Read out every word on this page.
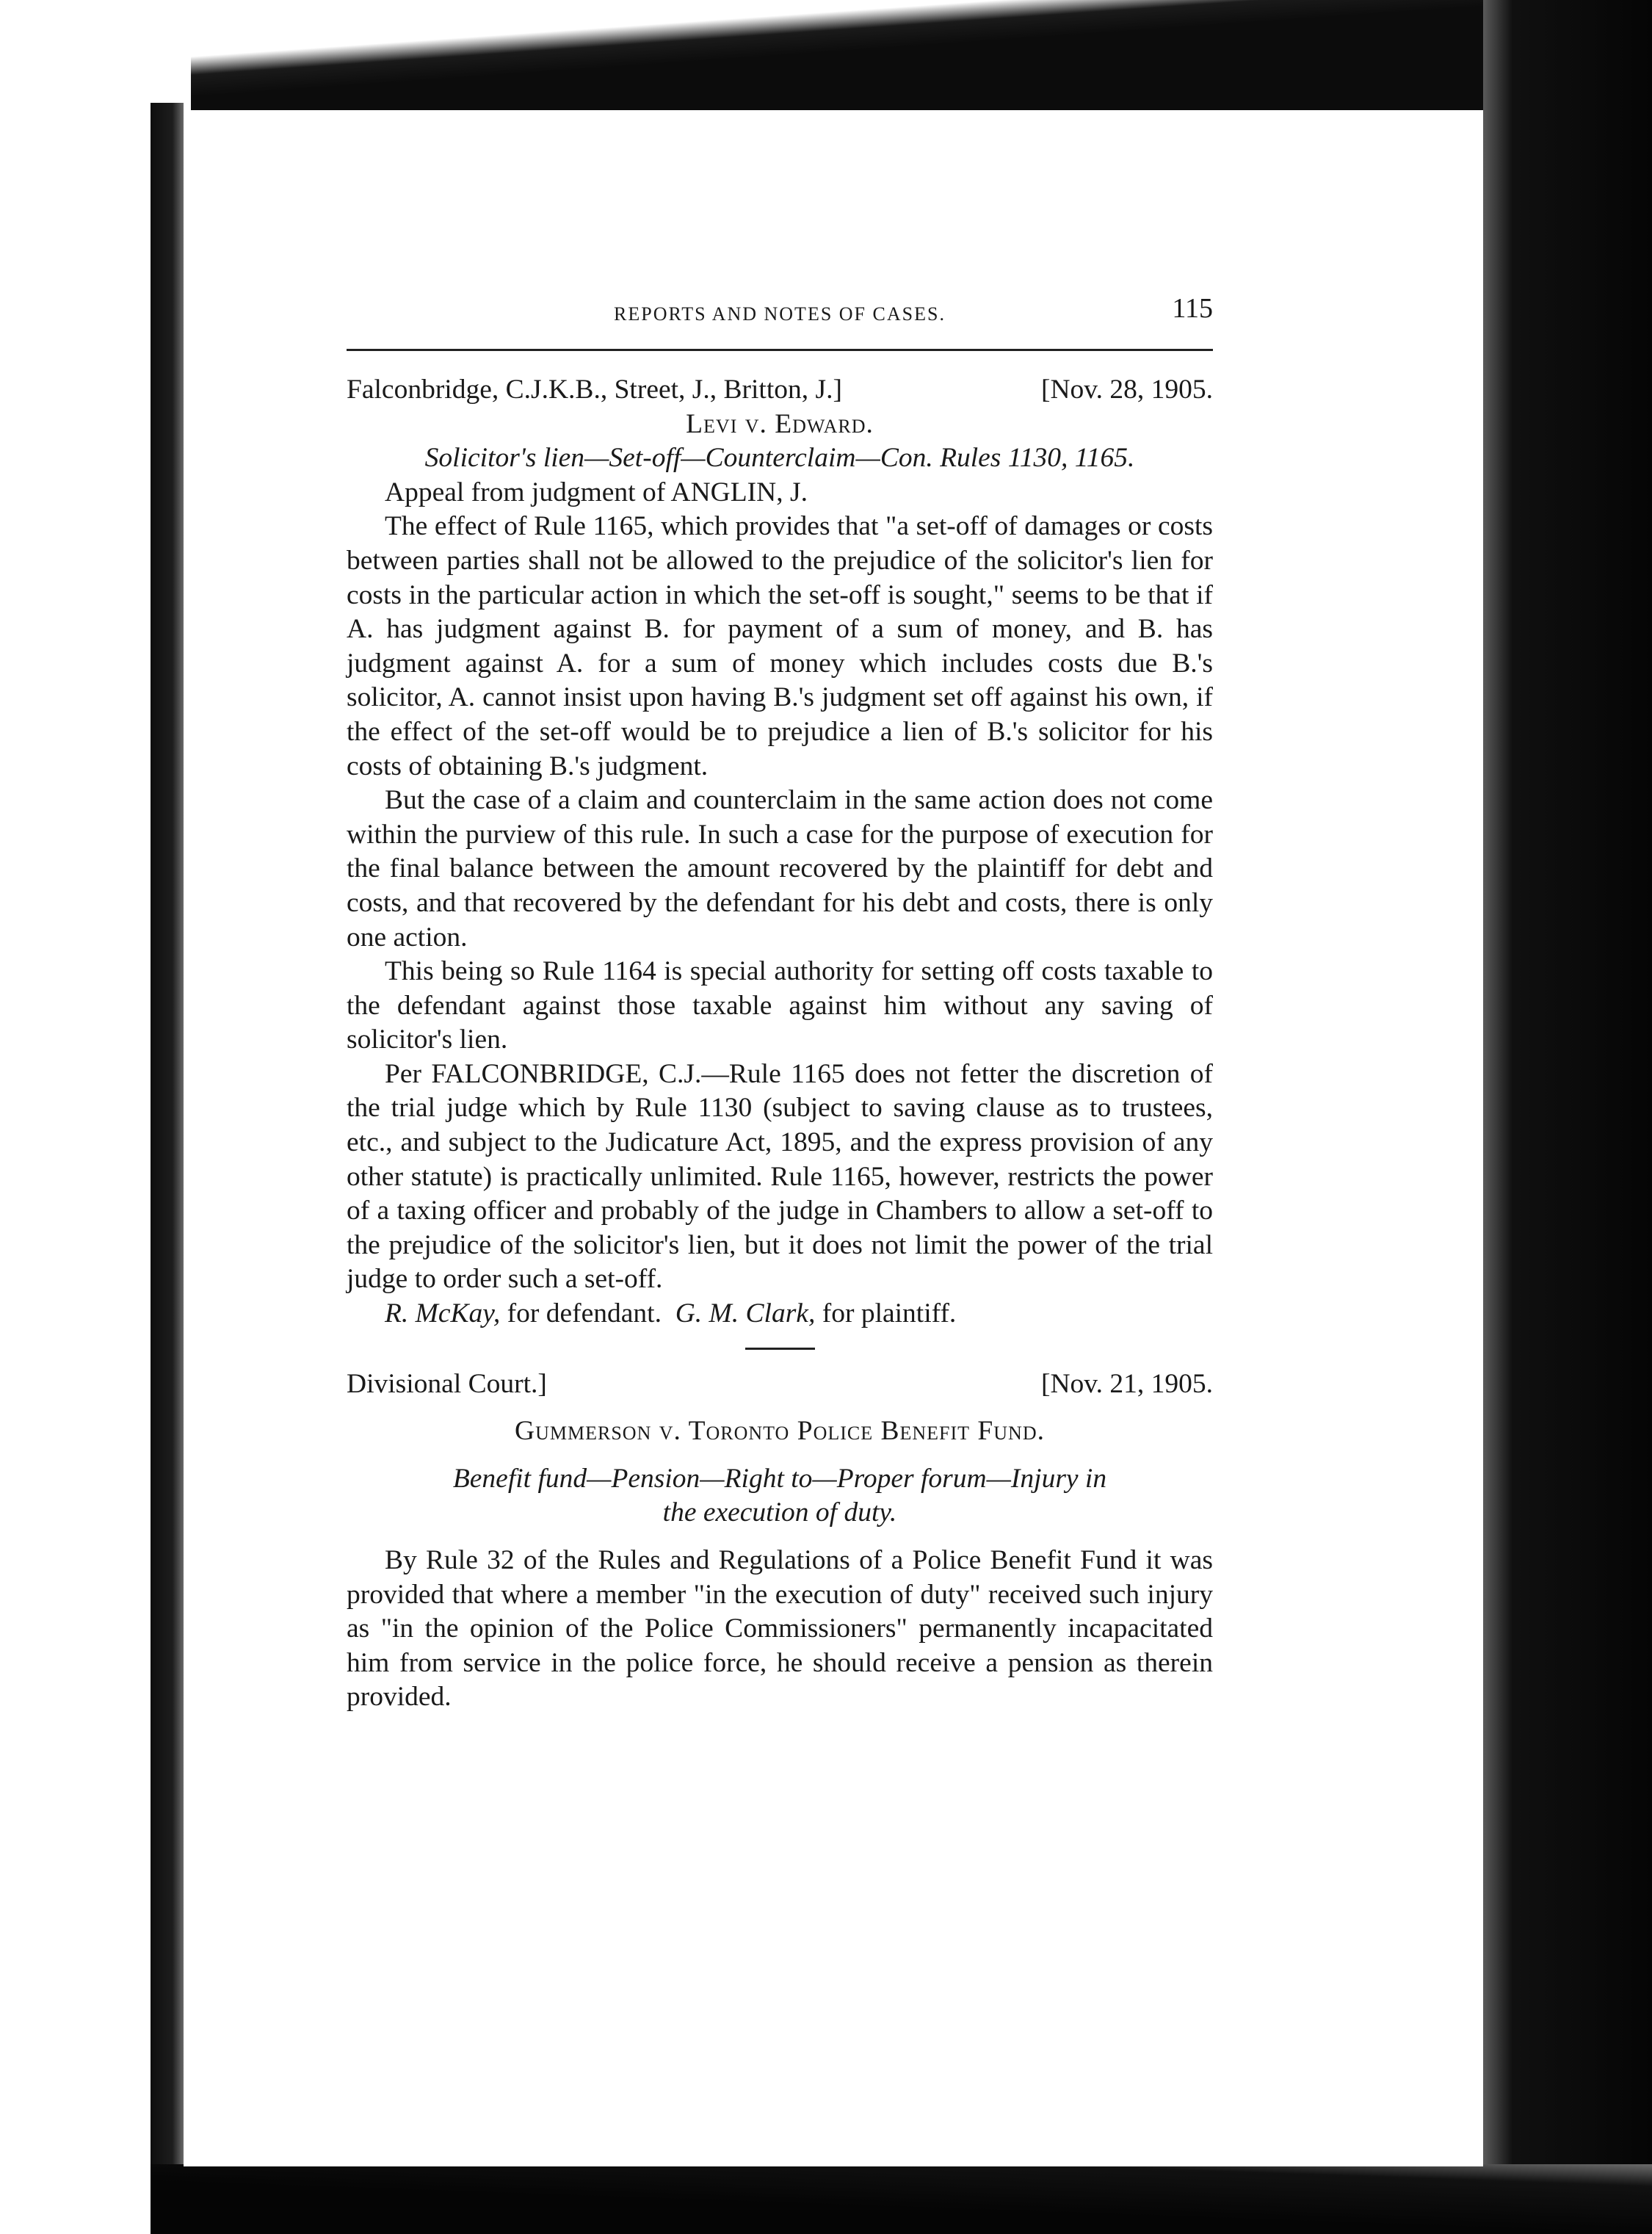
REPORTS AND NOTES OF CASES.	115
Falconbridge, C.J.K.B., Street, J., Britton, J.]	[Nov. 28, 1905.
Levi v. Edward.
Solicitor's lien—Set-off—Counterclaim—Con. Rules 1130, 1165.

Appeal from judgment of ANGLIN, J.

The effect of Rule 1165, which provides that "a set-off of damages or costs between parties shall not be allowed to the prejudice of the solicitor's lien for costs in the particular action in which the set-off is sought," seems to be that if A. has judgment against B. for payment of a sum of money, and B. has judgment against A. for a sum of money which includes costs due B.'s solicitor, A. cannot insist upon having B.'s judgment set off against his own, if the effect of the set-off would be to prejudice a lien of B.'s solicitor for his costs of obtaining B.'s judgment.

But the case of a claim and counterclaim in the same action does not come within the purview of this rule. In such a case for the purpose of execution for the final balance between the amount recovered by the plaintiff for debt and costs, and that recovered by the defendant for his debt and costs, there is only one action.

This being so Rule 1164 is special authority for setting off costs taxable to the defendant against those taxable against him without any saving of solicitor's lien.

Per FALCONBRIDGE, C.J.—Rule 1165 does not fetter the discretion of the trial judge which by Rule 1130 (subject to saving clause as to trustees, etc., and subject to the Judicature Act, 1895, and the express provision of any other statute) is practically unlimited. Rule 1165, however, restricts the power of a taxing officer and probably of the judge in Chambers to allow a set-off to the prejudice of the solicitor's lien, but it does not limit the power of the trial judge to order such a set-off.

R. McKay, for defendant. G. M. Clark, for plaintiff.
Divisional Court.]	[Nov. 21, 1905.
Gummerson v. Toronto Police Benefit Fund.
Benefit fund—Pension—Right to—Proper forum—Injury in
the execution of duty.

By Rule 32 of the Rules and Regulations of a Police Benefit Fund it was provided that where a member "in the execution of duty" received such injury as "in the opinion of the Police Commissioners" permanently incapacitated him from service in the police force, he should receive a pension as therein provided.
